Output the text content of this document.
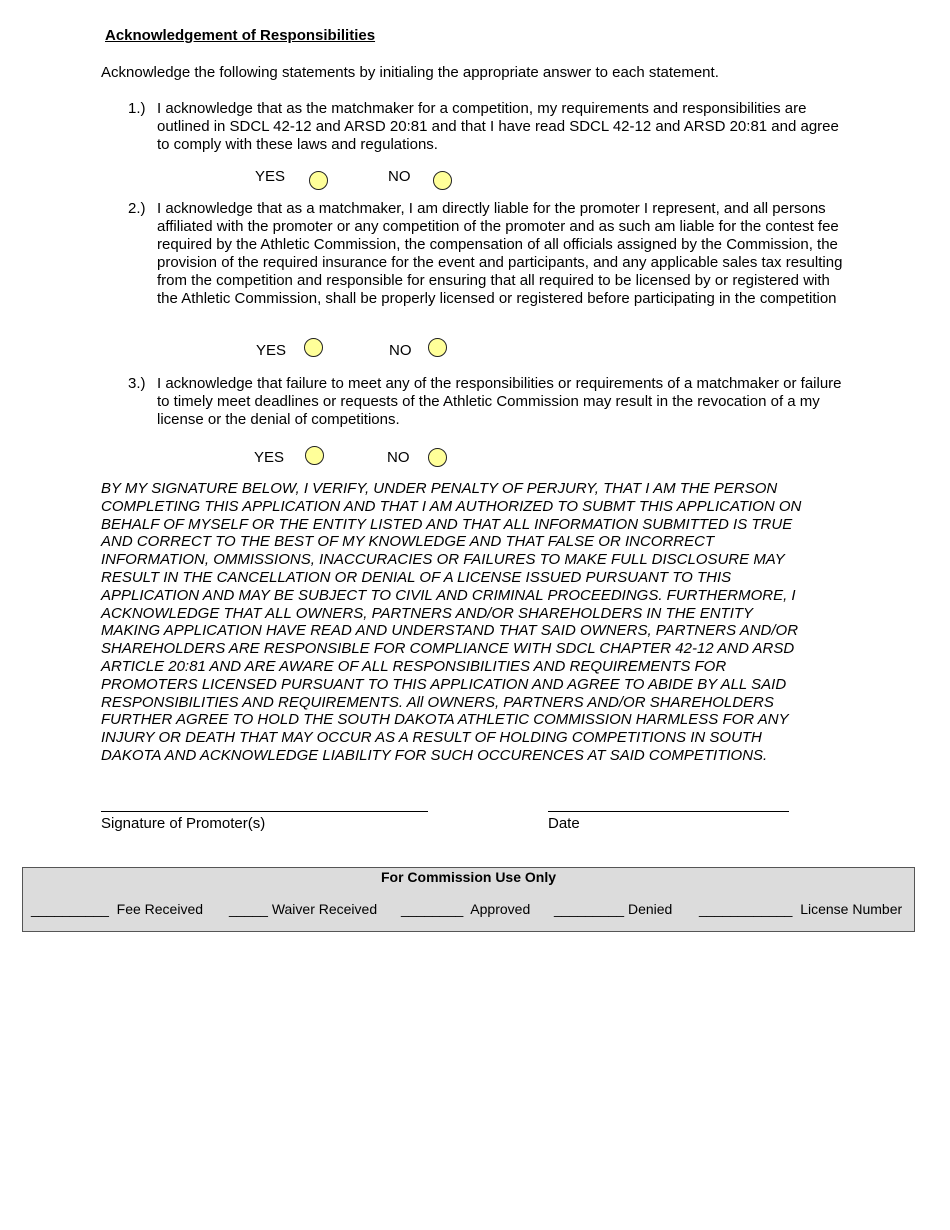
Acknowledgement of Responsibilities
Acknowledge the following statements by initialing the appropriate answer to each statement.
1.) I acknowledge that as the matchmaker for a competition, my requirements and responsibilities are outlined in SDCL 42-12 and ARSD 20:81 and that I have read SDCL 42-12 and ARSD 20:81 and agree to comply with these laws and regulations.
YES	NO
2.) I acknowledge that as a matchmaker, I am directly liable for the promoter I represent, and all persons affiliated with the promoter or any competition of the promoter and as such am liable for the contest fee required by the Athletic Commission, the compensation of all officials assigned by the Commission, the provision of the required insurance for the event and participants, and any applicable sales tax resulting from the competition and responsible for ensuring that all required to be licensed by or registered with the Athletic Commission, shall be properly licensed or registered before participating in the competition
YES	NO
3.) I acknowledge that failure to meet any of the responsibilities or requirements of a matchmaker or failure to timely meet deadlines or requests of the Athletic Commission may result in the revocation of a my license or the denial of competitions.
YES	NO
BY MY SIGNATURE BELOW, I VERIFY, UNDER PENALTY OF PERJURY, THAT I AM THE PERSON
COMPLETING THIS APPLICATION AND THAT I AM AUTHORIZED TO SUBMT THIS APPLICATION ON
BEHALF OF MYSELF OR THE ENTITY LISTED AND THAT ALL INFORMATION SUBMITTED IS TRUE
AND CORRECT TO THE BEST OF MY KNOWLEDGE AND THAT FALSE OR INCORRECT
INFORMATION, OMMISSIONS, INACCURACIES OR FAILURES TO MAKE FULL DISCLOSURE MAY
RESULT IN THE CANCELLATION OR DENIAL OF A LICENSE ISSUED PURSUANT TO THIS
APPLICATION AND MAY BE SUBJECT TO CIVIL AND CRIMINAL PROCEEDINGS. FURTHERMORE, I
ACKNOWLEDGE THAT ALL OWNERS, PARTNERS AND/OR SHAREHOLDERS IN THE ENTITY
MAKING APPLICATION HAVE READ AND UNDERSTAND THAT SAID OWNERS, PARTNERS AND/OR
SHAREHOLDERS ARE RESPONSIBLE FOR COMPLIANCE WITH SDCL CHAPTER 42-12 AND ARSD
ARTICLE 20:81 AND ARE AWARE OF ALL RESPONSIBILITIES AND REQUIREMENTS FOR
PROMOTERS LICENSED PURSUANT TO THIS APPLICATION AND AGREE TO ABIDE BY ALL SAID
RESPONSIBILITIES AND REQUIREMENTS. All OWNERS, PARTNERS AND/OR SHAREHOLDERS
FURTHER AGREE TO HOLD THE SOUTH DAKOTA ATHLETIC COMMISSION HARMLESS FOR ANY
INJURY OR DEATH THAT MAY OCCUR AS A RESULT OF HOLDING COMPETITIONS IN SOUTH
DAKOTA AND ACKNOWLEDGE LIABILITY FOR SUCH OCCURENCES AT SAID COMPETITIONS.
Signature of Promoter(s)	Date
For Commission Use Only
__________  Fee Received _____ Waiver Received ________  Approved _________ Denied ____________  License Number
